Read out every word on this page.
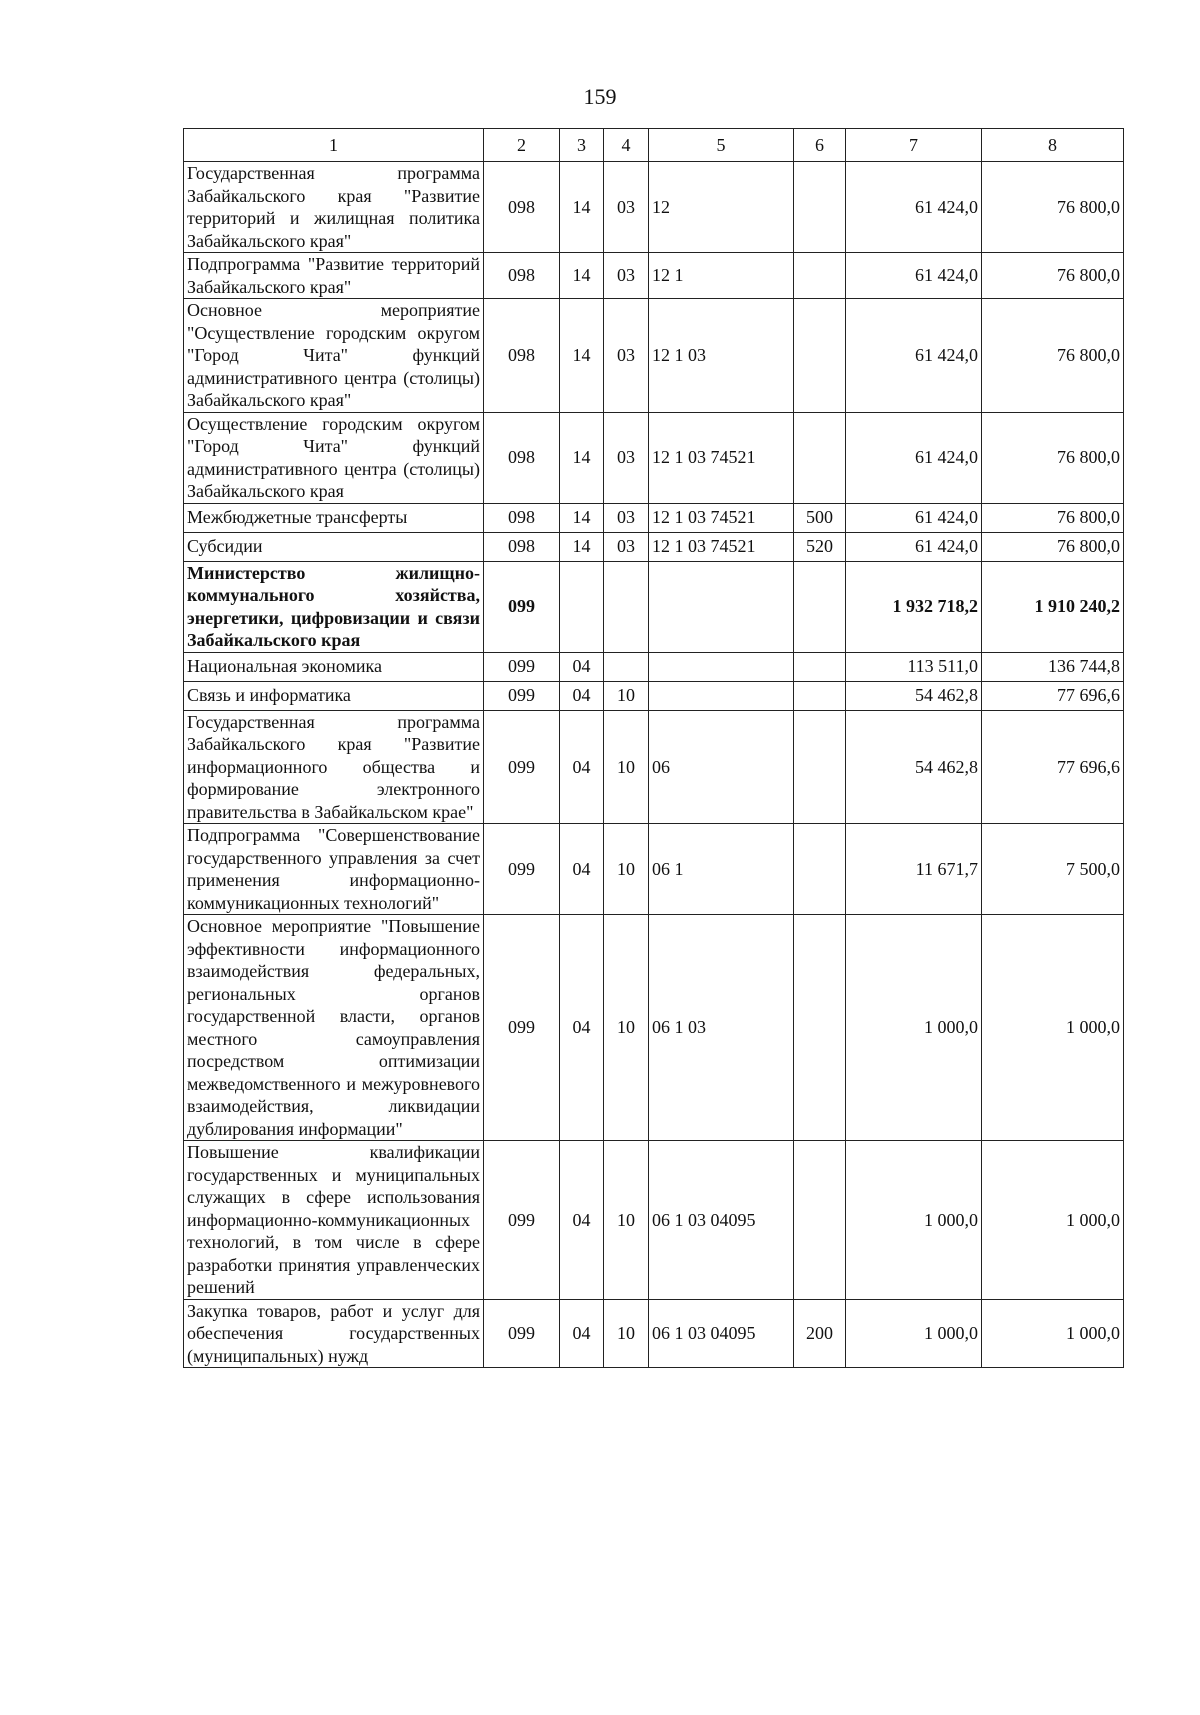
159
1	2	3	4	5	6	7	8
Государственная программа Забайкальского края "Развитие территорий и жилищная политика Забайкальского края"	098	14	03	12		61 424,0	76 800,0
Подпрограмма "Развитие территорий Забайкальского края"	098	14	03	12 1		61 424,0	76 800,0
Основное мероприятие "Осуществление городским округом "Город Чита" функций административного центра (столицы) Забайкальского края"	098	14	03	12 1 03		61 424,0	76 800,0
Осуществление городским округом "Город Чита" функций административного центра (столицы) Забайкальского края	098	14	03	12 1 03 74521		61 424,0	76 800,0
Межбюджетные трансферты	098	14	03	12 1 03 74521	500	61 424,0	76 800,0
Субсидии	098	14	03	12 1 03 74521	520	61 424,0	76 800,0
Министерство жилищно-коммунального хозяйства, энергетики, цифровизации и связи Забайкальского края	099					1 932 718,2	1 910 240,2
Национальная экономика	099	04				113 511,0	136 744,8
Связь и информатика	099	04	10			54 462,8	77 696,6
Государственная программа Забайкальского края "Развитие информационного общества и формирование электронного правительства в Забайкальском крае"	099	04	10	06		54 462,8	77 696,6
Подпрограмма "Совершенствование государственного управления за счет применения информационно-коммуникационных технологий"	099	04	10	06 1		11 671,7	7 500,0
Основное мероприятие "Повышение эффективности информационного взаимодействия федеральных, региональных органов государственной власти, органов местного самоуправления посредством оптимизации межведомственного и межуровневого взаимодействия, ликвидации дублирования информации"	099	04	10	06 1 03		1 000,0	1 000,0
Повышение квалификации государственных и муниципальных служащих в сфере использования информационно-коммуникационных технологий, в том числе в сфере разработки принятия управленческих решений	099	04	10	06 1 03 04095		1 000,0	1 000,0
Закупка товаров, работ и услуг для обеспечения государственных (муниципальных) нужд	099	04	10	06 1 03 04095	200	1 000,0	1 000,0
